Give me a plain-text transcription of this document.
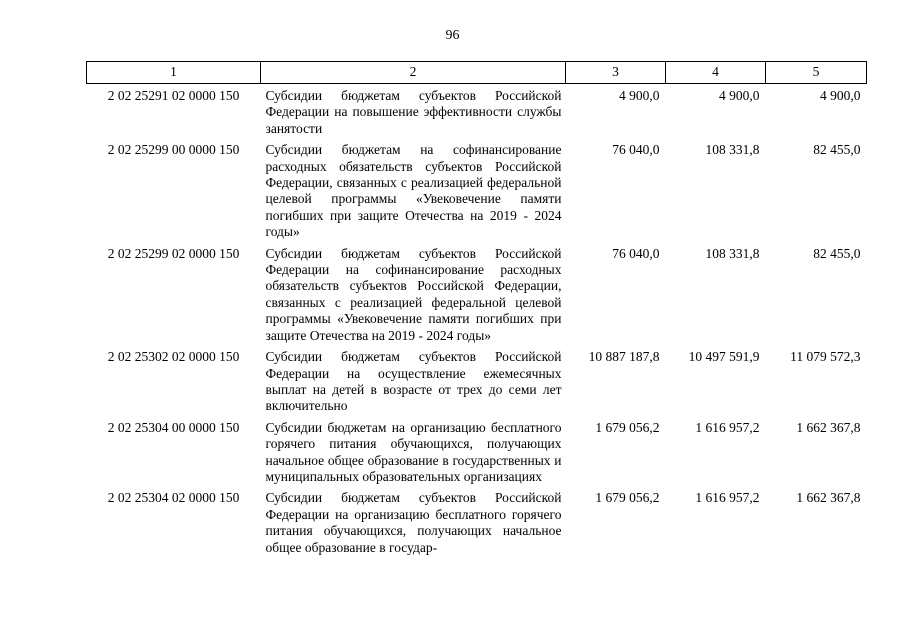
96
1	2	3	4	5
2 02 25291 02 0000 150	Субсидии бюджетам субъектов Российской Федерации на повышение эффективности службы занятости	4 900,0	4 900,0	4 900,0
2 02 25299 00 0000 150	Субсидии бюджетам на софинансирование расходных обязательств субъектов Российской Федерации, связанных с реализацией федеральной целевой программы «Увековечение памяти погибших при защите Отечества на 2019 - 2024 годы»	76 040,0	108 331,8	82 455,0
2 02 25299 02 0000 150	Субсидии бюджетам субъектов Российской Федерации на софинансирование расходных обязательств субъектов Российской Федерации, связанных с реализацией федеральной целевой программы «Увековечение памяти погибших при защите Отечества на 2019 - 2024 годы»	76 040,0	108 331,8	82 455,0
2 02 25302 02 0000 150	Субсидии бюджетам субъектов Российской Федерации на осуществление ежемесячных выплат на детей в возрасте от трех до семи лет включительно	10 887 187,8	10 497 591,9	11 079 572,3
2 02 25304 00 0000 150	Субсидии бюджетам на организацию бесплатного горячего питания обучающихся, получающих начальное общее образование в государственных и муниципальных образовательных организациях	1 679 056,2	1 616 957,2	1 662 367,8
2 02 25304 02 0000 150	Субсидии бюджетам субъектов Российской Федерации на организацию бесплатного горячего питания обучающихся, получающих начальное общее образование в государ-	1 679 056,2	1 616 957,2	1 662 367,8
